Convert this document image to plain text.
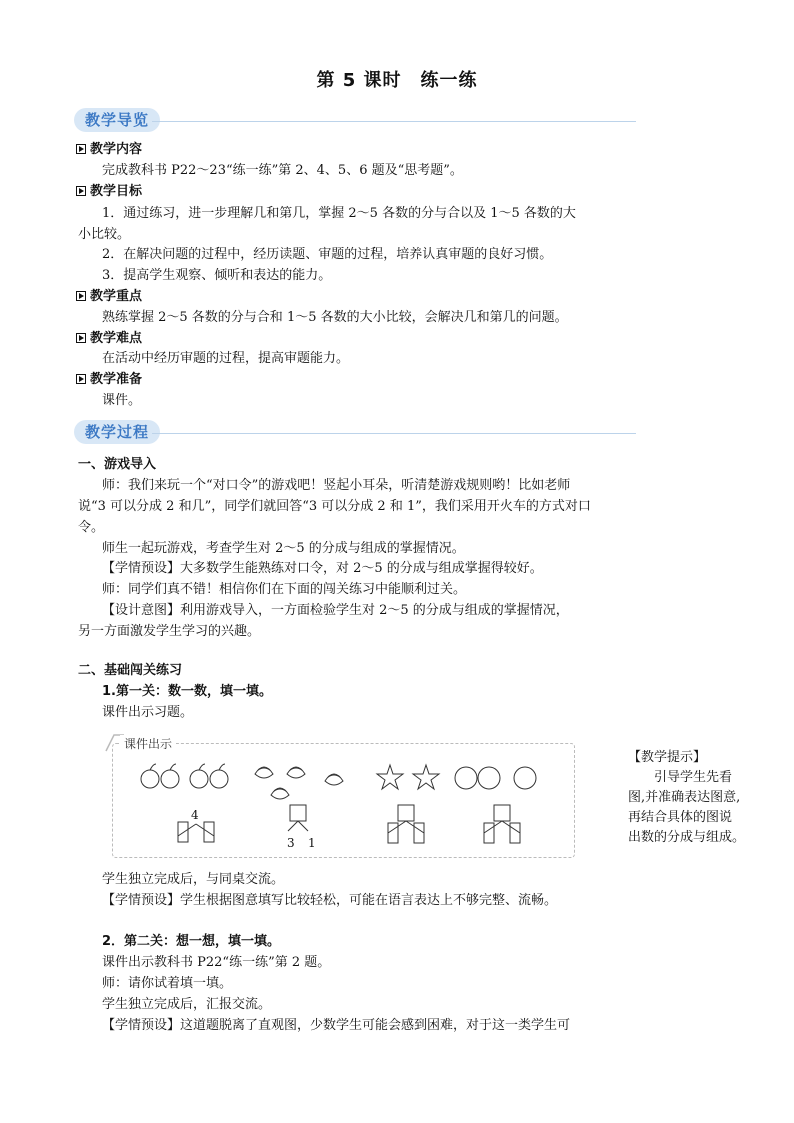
第 5 课时　练一练
教学导览
教学内容
完成教科书 P22～23“练一练”第 2、4、5、6 题及“思考题”。
教学目标
1．通过练习，进一步理解几和第几，掌握 2～5 各数的分与合以及 1～5 各数的大
小比较。
2．在解决问题的过程中，经历读题、审题的过程，培养认真审题的良好习惯。
3．提高学生观察、倾听和表达的能力。
教学重点
熟练掌握 2～5 各数的分与合和 1～5 各数的大小比较，会解决几和第几的问题。
教学难点
在活动中经历审题的过程，提高审题能力。
教学准备
课件。
教学过程
一、游戏导入
师：我们来玩一个“对口令”的游戏吧！竖起小耳朵，听清楚游戏规则哟！比如老师
说“3 可以分成 2 和几”，同学们就回答“3 可以分成 2 和 1”，我们采用开火车的方式对口
令。
师生一起玩游戏，考查学生对 2～5 的分成与组成的掌握情况。
【学情预设】大多数学生能熟练对口令，对 2～5 的分成与组成掌握得较好。
师：同学们真不错！相信你们在下面的闯关练习中能顺利过关。
【设计意图】利用游戏导入，一方面检验学生对 2～5 的分成与组成的掌握情况，
另一方面激发学生学习的兴趣。
二、基础闯关练习
1.第一关：数一数，填一填。
课件出示习题。
课件出示
4
3 1
【教学提示】
引导学生先看
图,并准确表达图意,
再结合具体的图说
出数的分成与组成。
学生独立完成后，与同桌交流。
【学情预设】学生根据图意填写比较轻松，可能在语言表达上不够完整、流畅。
2．第二关：想一想，填一填。
课件出示教科书 P22“练一练”第 2 题。
师：请你试着填一填。
学生独立完成后，汇报交流。
【学情预设】这道题脱离了直观图，少数学生可能会感到困难，对于这一类学生可
